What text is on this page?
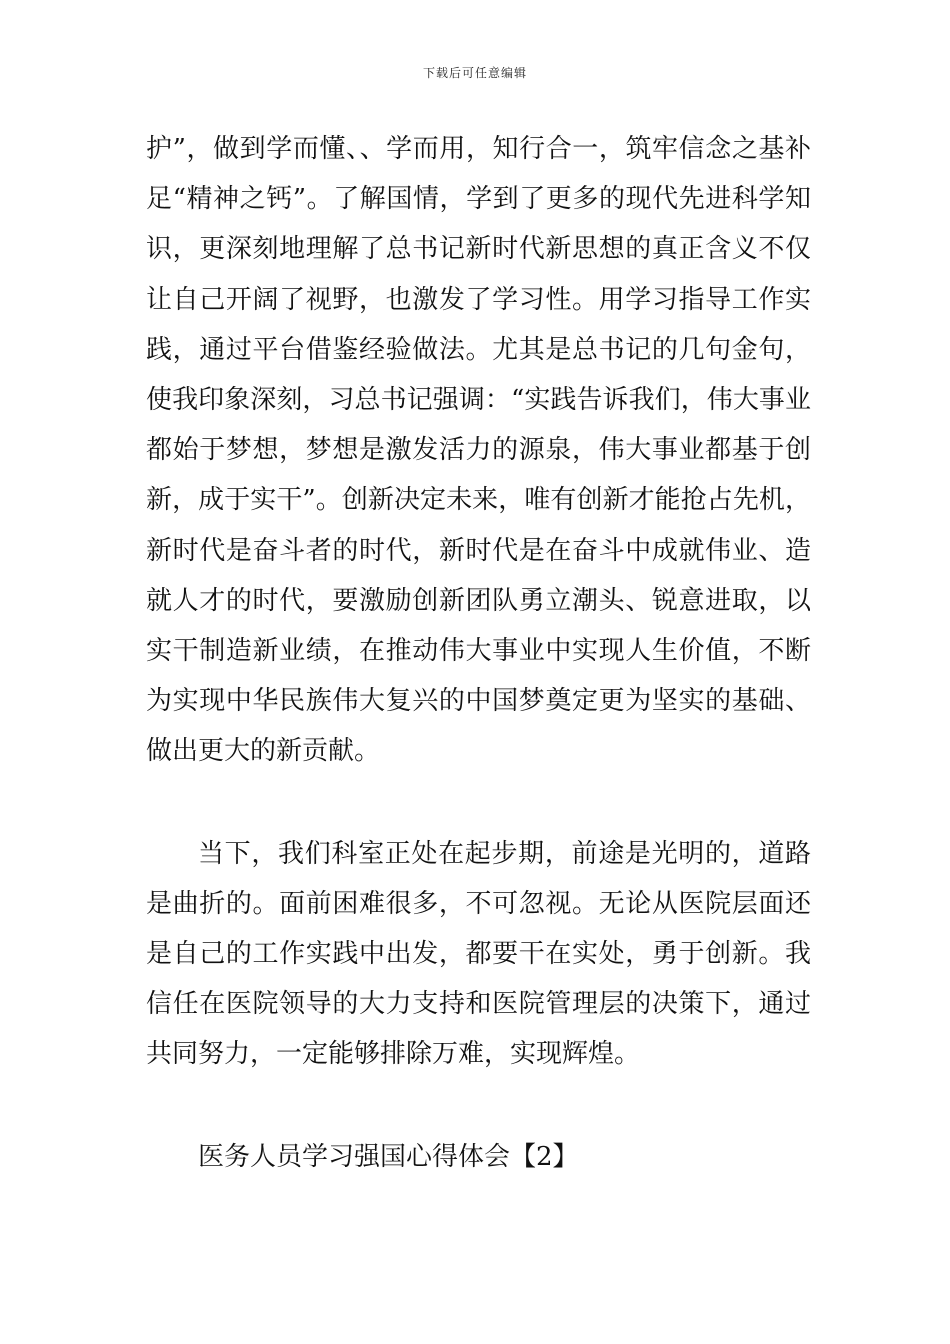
下载后可任意编辑

护”，做到学而懂、、学而用，知行合一，筑牢信念之基补足“精神之钙”。了解国情，学到了更多的现代先进科学知识，更深刻地理解了总书记新时代新思想的真正含义不仅让自己开阔了视野，也激发了学习性。用学习指导工作实践，通过平台借鉴经验做法。尤其是总书记的几句金句，使我印象深刻，习总书记强调：“实践告诉我们，伟大事业都始于梦想，梦想是激发活力的源泉，伟大事业都基于创新，成于实干”。创新决定未来，唯有创新才能抢占先机，新时代是奋斗者的时代，新时代是在奋斗中成就伟业、造就人才的时代，要激励创新团队勇立潮头、锐意进取，以实干制造新业绩，在推动伟大事业中实现人生价值，不断为实现中华民族伟大复兴的中国梦奠定更为坚实的基础、做出更大的新贡献。

当下，我们科室正处在起步期，前途是光明的，道路是曲折的。面前困难很多，不可忽视。无论从医院层面还是自己的工作实践中出发，都要干在实处，勇于创新。我信任在医院领导的大力支持和医院管理层的决策下，通过共同努力，一定能够排除万难，实现辉煌。

医务人员学习强国心得体会【2】
